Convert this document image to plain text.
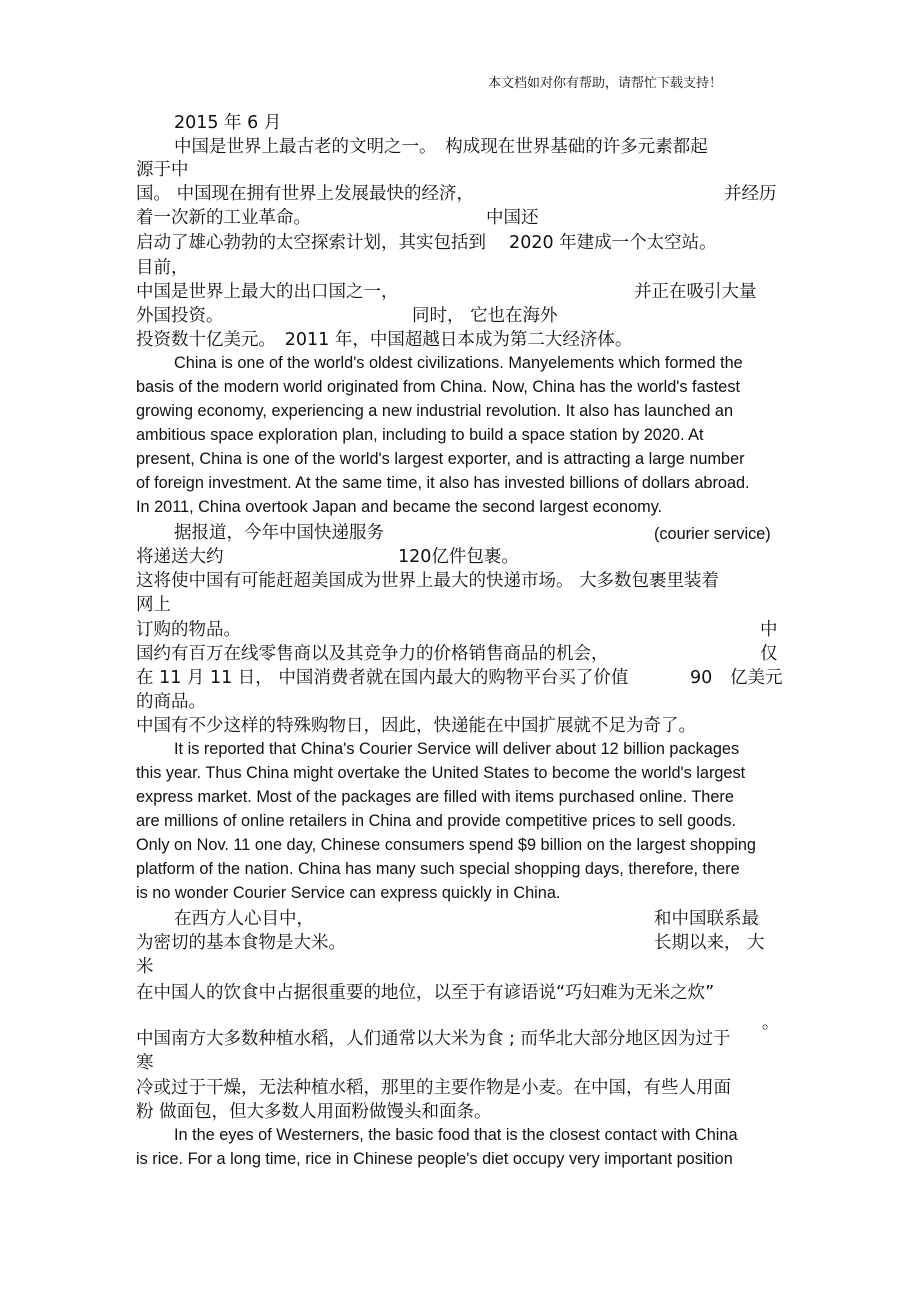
本文档如对你有帮助，请帮忙下载支持！
2015 年 6 月
中国是世界上最古老的文明之一。　构成现在世界基础的许多元素都起
源于中
国。 中国现在拥有世界上发展最快的经济，	并经历
着一次新的工业革命。	中国还
启动了雄心勃勃的太空探索计划，其实包括到　 2020 年建成一个太空站。
目前，
中国是世界上最大的出口国之一，	并正在吸引大量
外国投资。	同时， 它也在海外
投资数十亿美元。　2011 年，中国超越日本成为第二大经济体。
China is one of the world's oldest civilizations. Manyelements which formed the
basis of the modern world originated from China. Now, China has the world's fastest
growing economy, experiencing a new industrial revolution. It also has launched an
ambitious space exploration plan, including to build a space station by 2020. At
present, China is one of the world's largest exporter, and is attracting a large number
of foreign investment. At the same time, it also has invested billions of dollars abroad.
In 2011, China overtook Japan and became the second largest economy.
据报道，今年中国快递服务	(courier service)
将递送大约	120亿件包裹。
这将使中国有可能赶超美国成为世界上最大的快递市场。 大多数包裹里装着
网上
订购的物品。	中
国约有百万在线零售商以及其竞争力的价格销售商品的机会，	仅
在 11 月 11 日， 中国消费者就在国内最大的购物平台买了价值	90 亿美元
的商品。
中国有不少这样的特殊购物日，因此，快递能在中国扩展就不足为奇了。
It is reported that China's Courier Service will deliver about 12 billion packages
this year. Thus China might overtake the United States to become the world's largest
express market. Most of the packages are filled with items purchased online. There
are millions of online retailers in China and provide competitive prices to sell goods.
Only on Nov. 11 one day, Chinese consumers spend $9 billion on the largest shopping
platform of the nation. China has many such special shopping days, therefore, there
is no wonder Courier Service can express quickly in China.
在西方人心目中，	和中国联系最
为密切的基本食物是大米。	长期以来， 大
米
在中国人的饮食中占据很重要的地位，以至于有谚语说“巧妇难为无米之炊”
。
中国南方大多数种植水稻，人们通常以大米为食 ; 而华北大部分地区因为过于
寒
冷或过于干燥，无法种植水稻，那里的主要作物是小麦。在中国，有些人用面
粉 做面包，但大多数人用面粉做馒头和面条。
In the eyes of Westerners, the basic food that is the closest contact with China
is rice. For a long time, rice in Chinese people's diet occupy very important position
